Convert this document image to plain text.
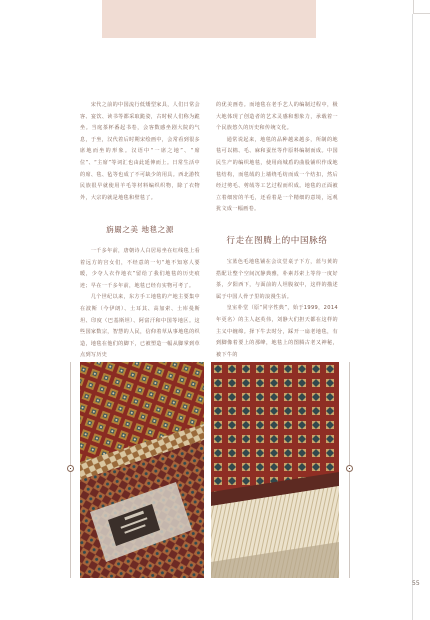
宋代之前的中国流行低矮型家具，人们日常会客、宴饮、读书等都采取跪姿，古时候人们称为跪坐。当庭茶杯番起书卷，会客数感坐剧大院的气息，于坐，汉代着后时期宋绘画中，会常看到很多席地而坐的形象。汉语中“一席之地”、“席位”、“主席”等词汇也由此延伸而上。日常生活中的席、毯、毡等也成了不可缺少的用具。西北游牧民族很早就使用羊毛等材料编织织物，除了衣物外，大宗的就是地毯和壁毯了。

旃罽之美 地毯之源

一千多年前，唐朝诗人白居易坐在红线毯上看着远方的宫女们，不经意的一句“地不知寒人要暖，少夺人衣作地衣”留给了我们地毯的历史痕迹；早在一千多年前，地毯已经有实物可考了。

几个世纪以来，东方手工地毯的产地主要集中在波斯（今伊朗）、土耳其、高加索、土库曼斯坦、印度（巴基斯坦）、阿富汗和中国等地区。这些国家数宗，智慧的人民，信仰着草从事地毯的织造，地毯在他们的脚下，已被塑造一幅从脚掌到草点到写历史

的优美画卷。而地毯在老手艺人的编制过程中，极大地体现了创造者的艺术灵感和想象力，承载着一个民族悠久的历史和传统文化。

通常说起来，地毯的品种越来越多，所制的地毯可以棉、毛、麻和蚕丝等作原料编制而成。中国民生产的编织地毯，使用商城盾的曲股铺织作成地毯结构，而毯绒的上墙绕毛纺而成一个结扣，然后经过剪毛、剪绒等工艺过程而织成。地毯的正面被立着细密的羊毛，还看着是一个精细的意境，远观犹文成一幅画卷。

行走在图腾上的中国脉络

宝蓝色毛地毯铺在会议堂桌子下方，蓝与黄的搭配让整个空间沉静典雅，朴素苏索上等待一度好茶，夕阳西下，与面前的人坦腹叙中，这样的描述属于中国人骨子里的浪漫生活。

皇室朴堂（原“同字性典”，始于1999，2014年更名）的主人赵英伟，刘静大们担天都在这样的主义中缠绵。择下牛去时分，踩开一扇老地毯，有到脚像着要上的那峰，地毯上的图腾古老又神秘，被下牛的

55
